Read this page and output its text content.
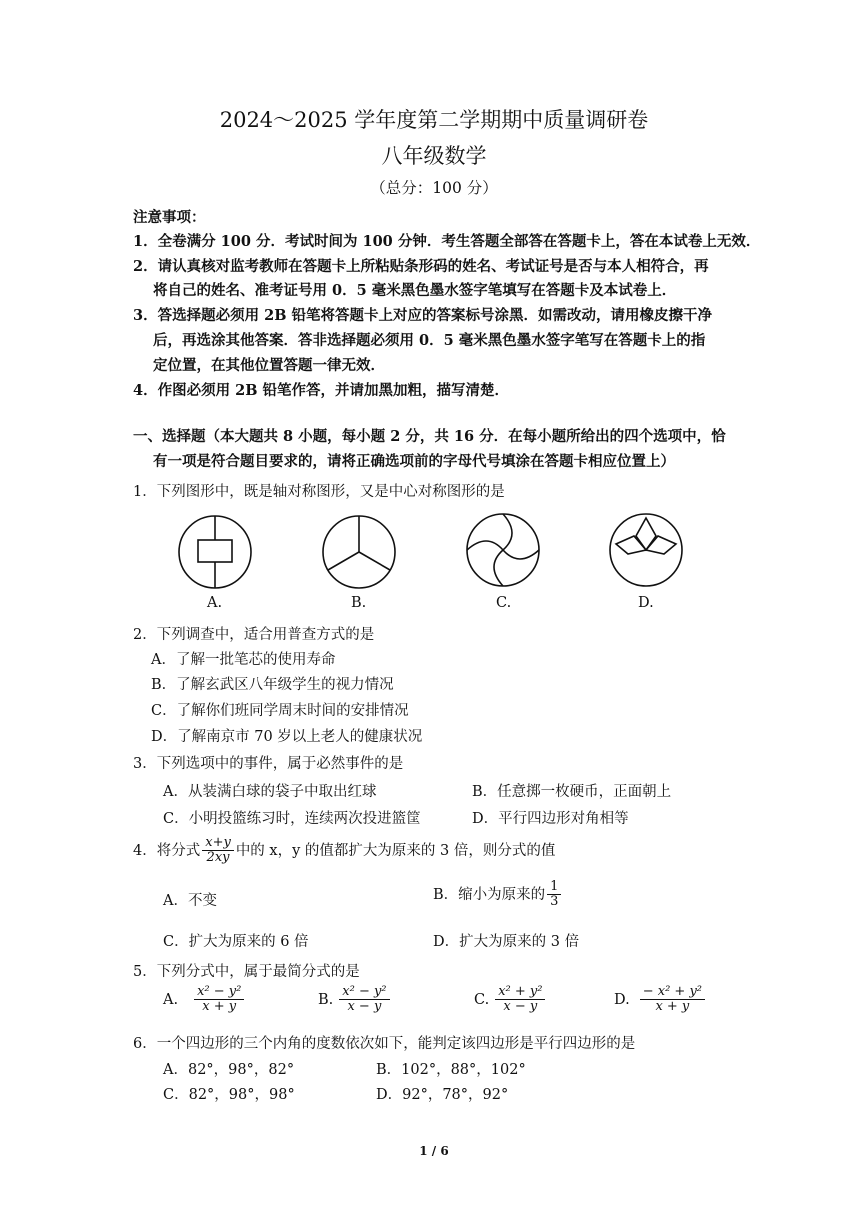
2024～2025 学年度第二学期期中质量调研卷
八年级数学
（总分：100 分）
注意事项：
1．全卷满分 100 分．考试时间为 100 分钟．考生答题全部答在答题卡上，答在本试卷上无效．
2．请认真核对监考教师在答题卡上所粘贴条形码的姓名、考试证号是否与本人相符合，再
将自己的姓名、准考证号用 0．5 毫米黑色墨水签字笔填写在答题卡及本试卷上．
3．答选择题必须用 2B 铅笔将答题卡上对应的答案标号涂黑．如需改动，请用橡皮擦干净
后，再选涂其他答案．答非选择题必须用 0．5 毫米黑色墨水签字笔写在答题卡上的指
定位置，在其他位置答题一律无效．
4．作图必须用 2B 铅笔作答，并请加黑加粗，描写清楚．
一、选择题（本大题共 8 小题，每小题 2 分，共 16 分．在每小题所给出的四个选项中，恰
有一项是符合题目要求的，请将正确选项前的字母代号填涂在答题卡相应位置上）
1．下列图形中，既是轴对称图形，又是中心对称图形的是
A.	B.	C.	D.
2．下列调查中，适合用普查方式的是
A．了解一批笔芯的使用寿命
B．了解玄武区八年级学生的视力情况
C．了解你们班同学周末时间的安排情况
D．了解南京市 70 岁以上老人的健康状况
3．下列选项中的事件，属于必然事件的是
A．从装满白球的袋子中取出红球	B．任意掷一枚硬币，正面朝上
C．小明投篮练习时，连续两次投进篮筐	D．平行四边形对角相等
4．将分式 $\frac{x+y}{2xy}$ 中的 x，y 的值都扩大为原来的 3 倍，则分式的值
A．不变	B．缩小为原来的 $\frac{1}{3}$
C．扩大为原来的 6 倍	D．扩大为原来的 3 倍
5．下列分式中，属于最简分式的是
A. $\frac{\text{x² − y²}}{x + y}$	B. $\frac{\text{x² − y²}}{x - y}$	C. $\frac{\text{x² + y²}}{x - y}$	D. $\frac{\text{− x² + y²}}{x + y}$
6．一个四边形的三个内角的度数依次如下，能判定该四边形是平行四边形的是
A．82°，98°，82°	B．102°，88°，102°
C．82°，98°，98°	D．92°，78°，92°
1 / 6
